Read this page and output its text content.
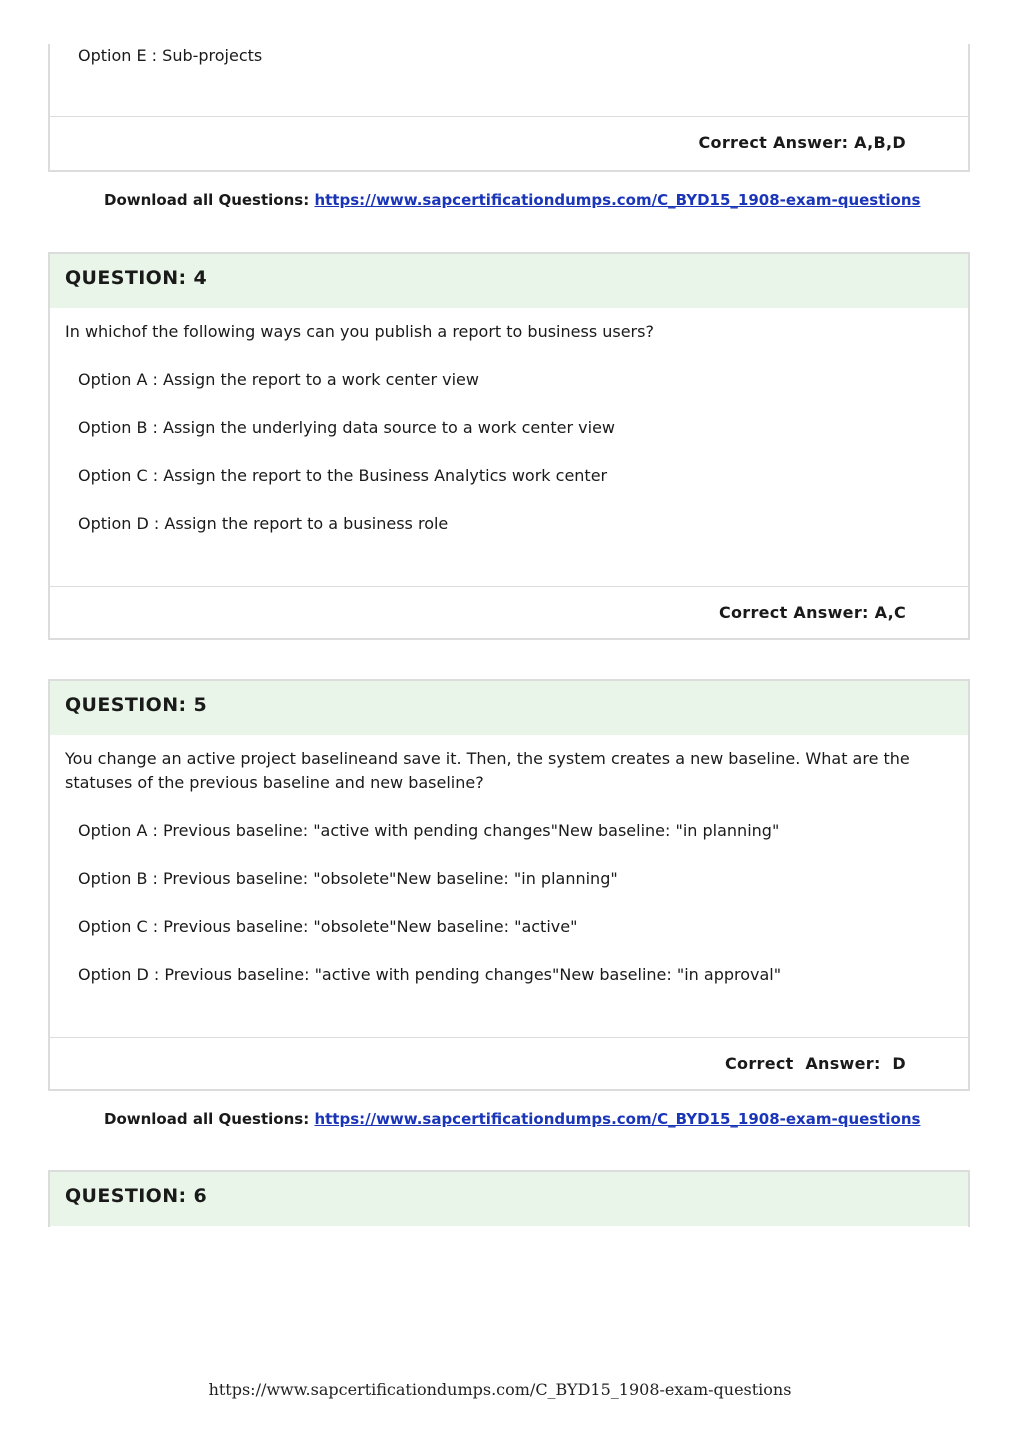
Option E : Sub-projects
Correct Answer: A,B,D
Download all Questions: https://www.sapcertificationdumps.com/C_BYD15_1908-exam-questions
QUESTION: 4
In whichof the following ways can you publish a report to business users?
Option A : Assign the report to a work center view
Option B : Assign the underlying data source to a work center view
Option C : Assign the report to the Business Analytics work center
Option D : Assign the report to a business role
Correct Answer: A,C
QUESTION: 5
You change an active project baselineand save it. Then, the system creates a new baseline. What are the statuses of the previous baseline and new baseline?
Option A : Previous baseline: "active with pending changes"New baseline: "in planning"
Option B : Previous baseline: "obsolete"New baseline: "in planning"
Option C : Previous baseline: "obsolete"New baseline: "active"
Option D : Previous baseline: "active with pending changes"New baseline: "in approval"
Correct  Answer:  D
Download all Questions: https://www.sapcertificationdumps.com/C_BYD15_1908-exam-questions
QUESTION: 6
https://www.sapcertificationdumps.com/C_BYD15_1908-exam-questions
